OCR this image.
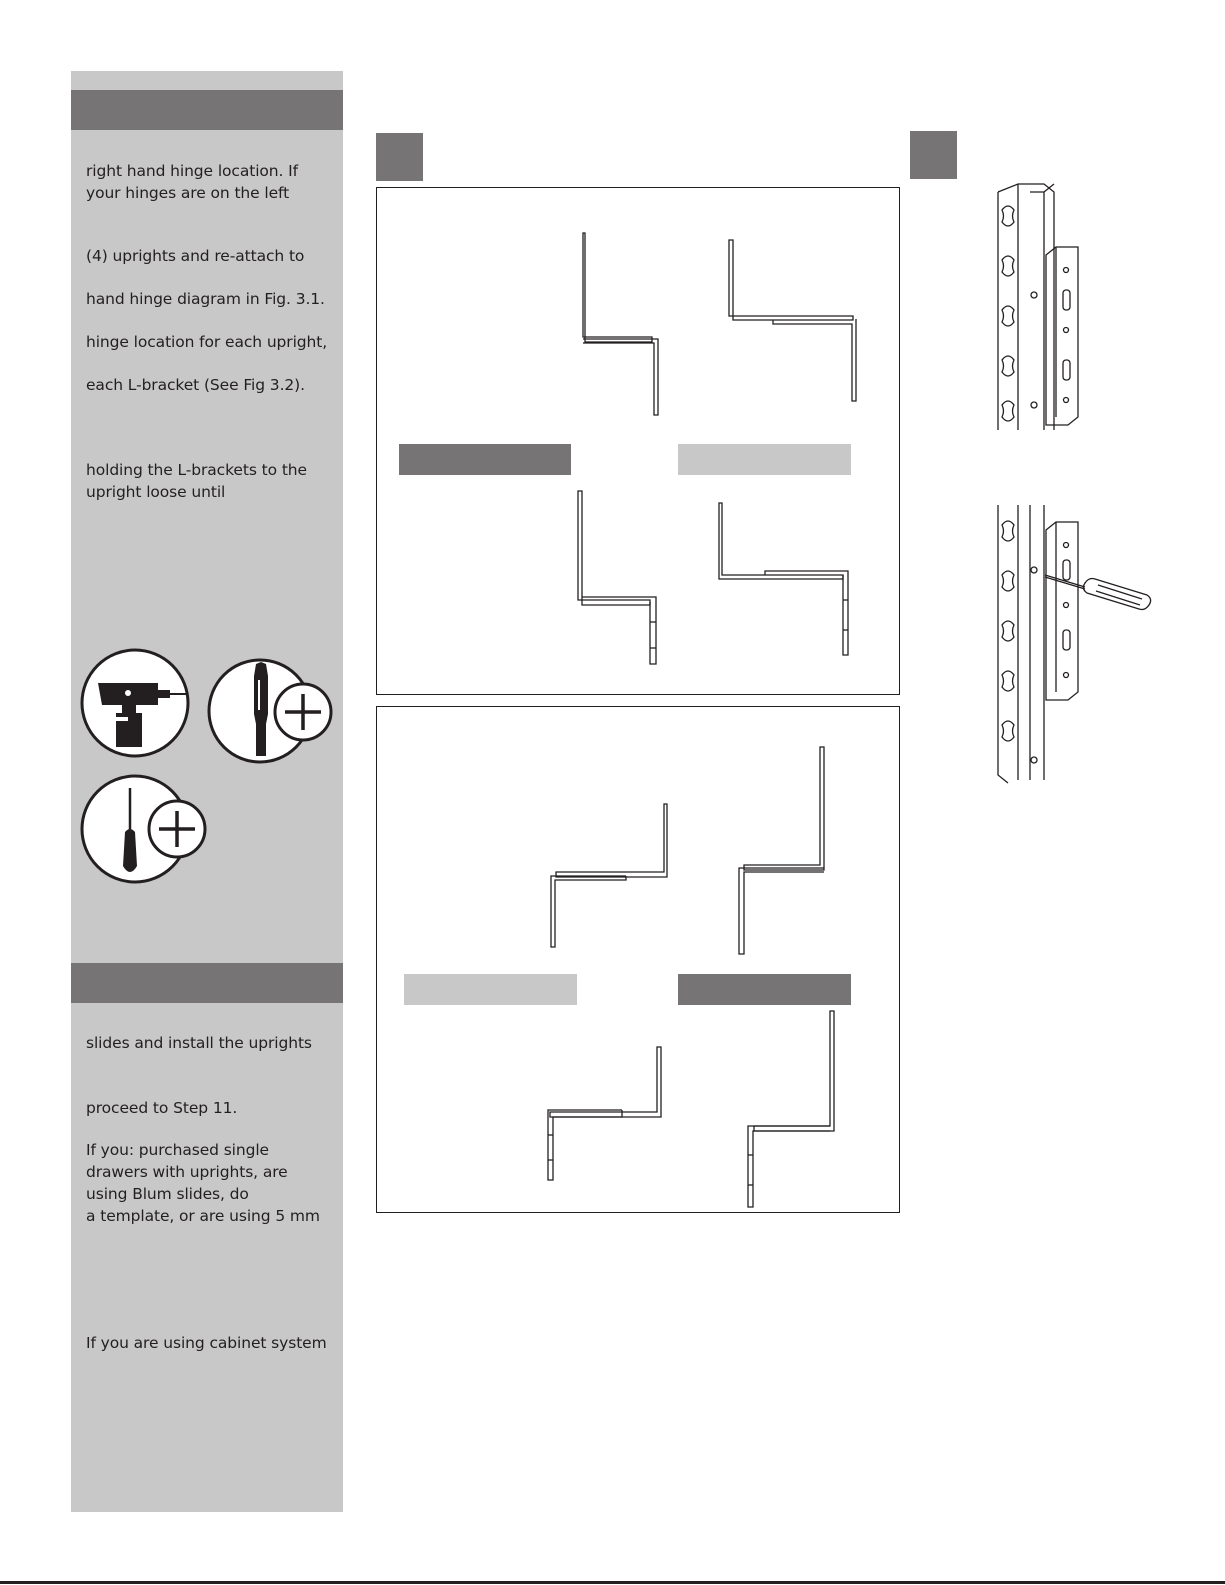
right hand hinge location. If
your hinges are on the left

(4) uprights and re-attach to

hand hinge diagram in Fig. 3.1.

hinge location for each upright,

each L-bracket (See Fig 3.2).

holding the L-brackets to the
upright loose until

slides and install the uprights

proceed to Step 11.

If you: purchased single
drawers with uprights, are
using Blum slides, do
a template, or are using 5 mm

If you are using cabinet system
